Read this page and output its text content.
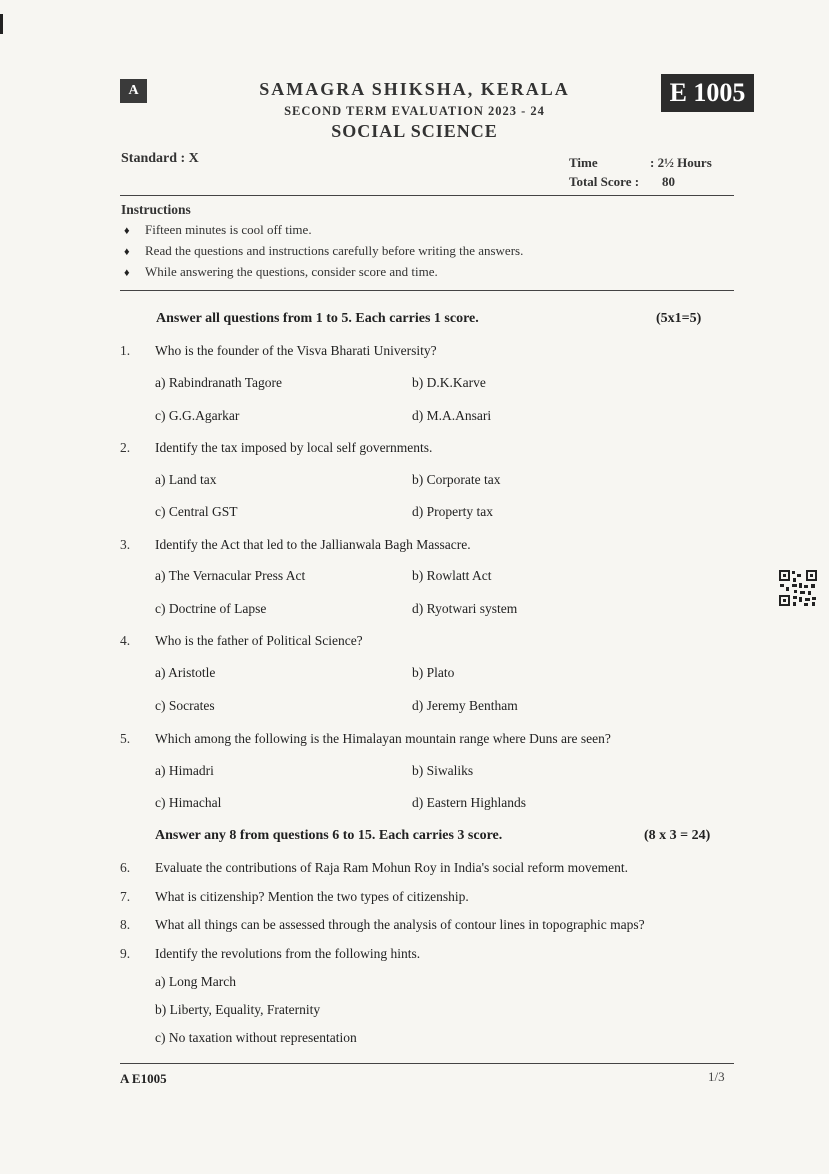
A	E 1005
SAMAGRA SHIKSHA, KERALA
SECOND TERM EVALUATION 2023 - 24
SOCIAL SCIENCE
Standard : X	Time	: 2½ Hours
Total Score : 80
Instructions
♦ Fifteen minutes is cool off time.
♦ Read the questions and instructions carefully before writing the answers.
♦ While answering the questions, consider score and time.
Answer all questions from 1 to 5. Each carries 1 score.	(5x1=5)
1. Who is the founder of the Visva Bharati University?
a) Rabindranath Tagore	b) D.K.Karve
c) G.G.Agarkar	d) M.A.Ansari
2. Identify the tax imposed by local self governments.
a) Land tax	b) Corporate tax
c) Central GST	d) Property tax
3. Identify the Act that led to the Jallianwala Bagh Massacre.
a) The Vernacular Press Act	b) Rowlatt Act
c) Doctrine of Lapse	d) Ryotwari system
4. Who is the father of Political Science?
a) Aristotle	b) Plato
c) Socrates	d) Jeremy Bentham
5. Which among the following is the Himalayan mountain range where Duns are seen?
a) Himadri	b) Siwaliks
c) Himachal	d) Eastern Highlands
Answer any 8 from questions 6 to 15. Each carries 3 score.	(8 x 3 = 24)
6. Evaluate the contributions of Raja Ram Mohun Roy in India's social reform movement.
7. What is citizenship? Mention the two types of citizenship.
8. What all things can be assessed through the analysis of contour lines in topographic maps?
9. Identify the revolutions from the following hints.
a) Long March
b) Liberty, Equality, Fraternity
c) No taxation without representation
A E1005	1/3
